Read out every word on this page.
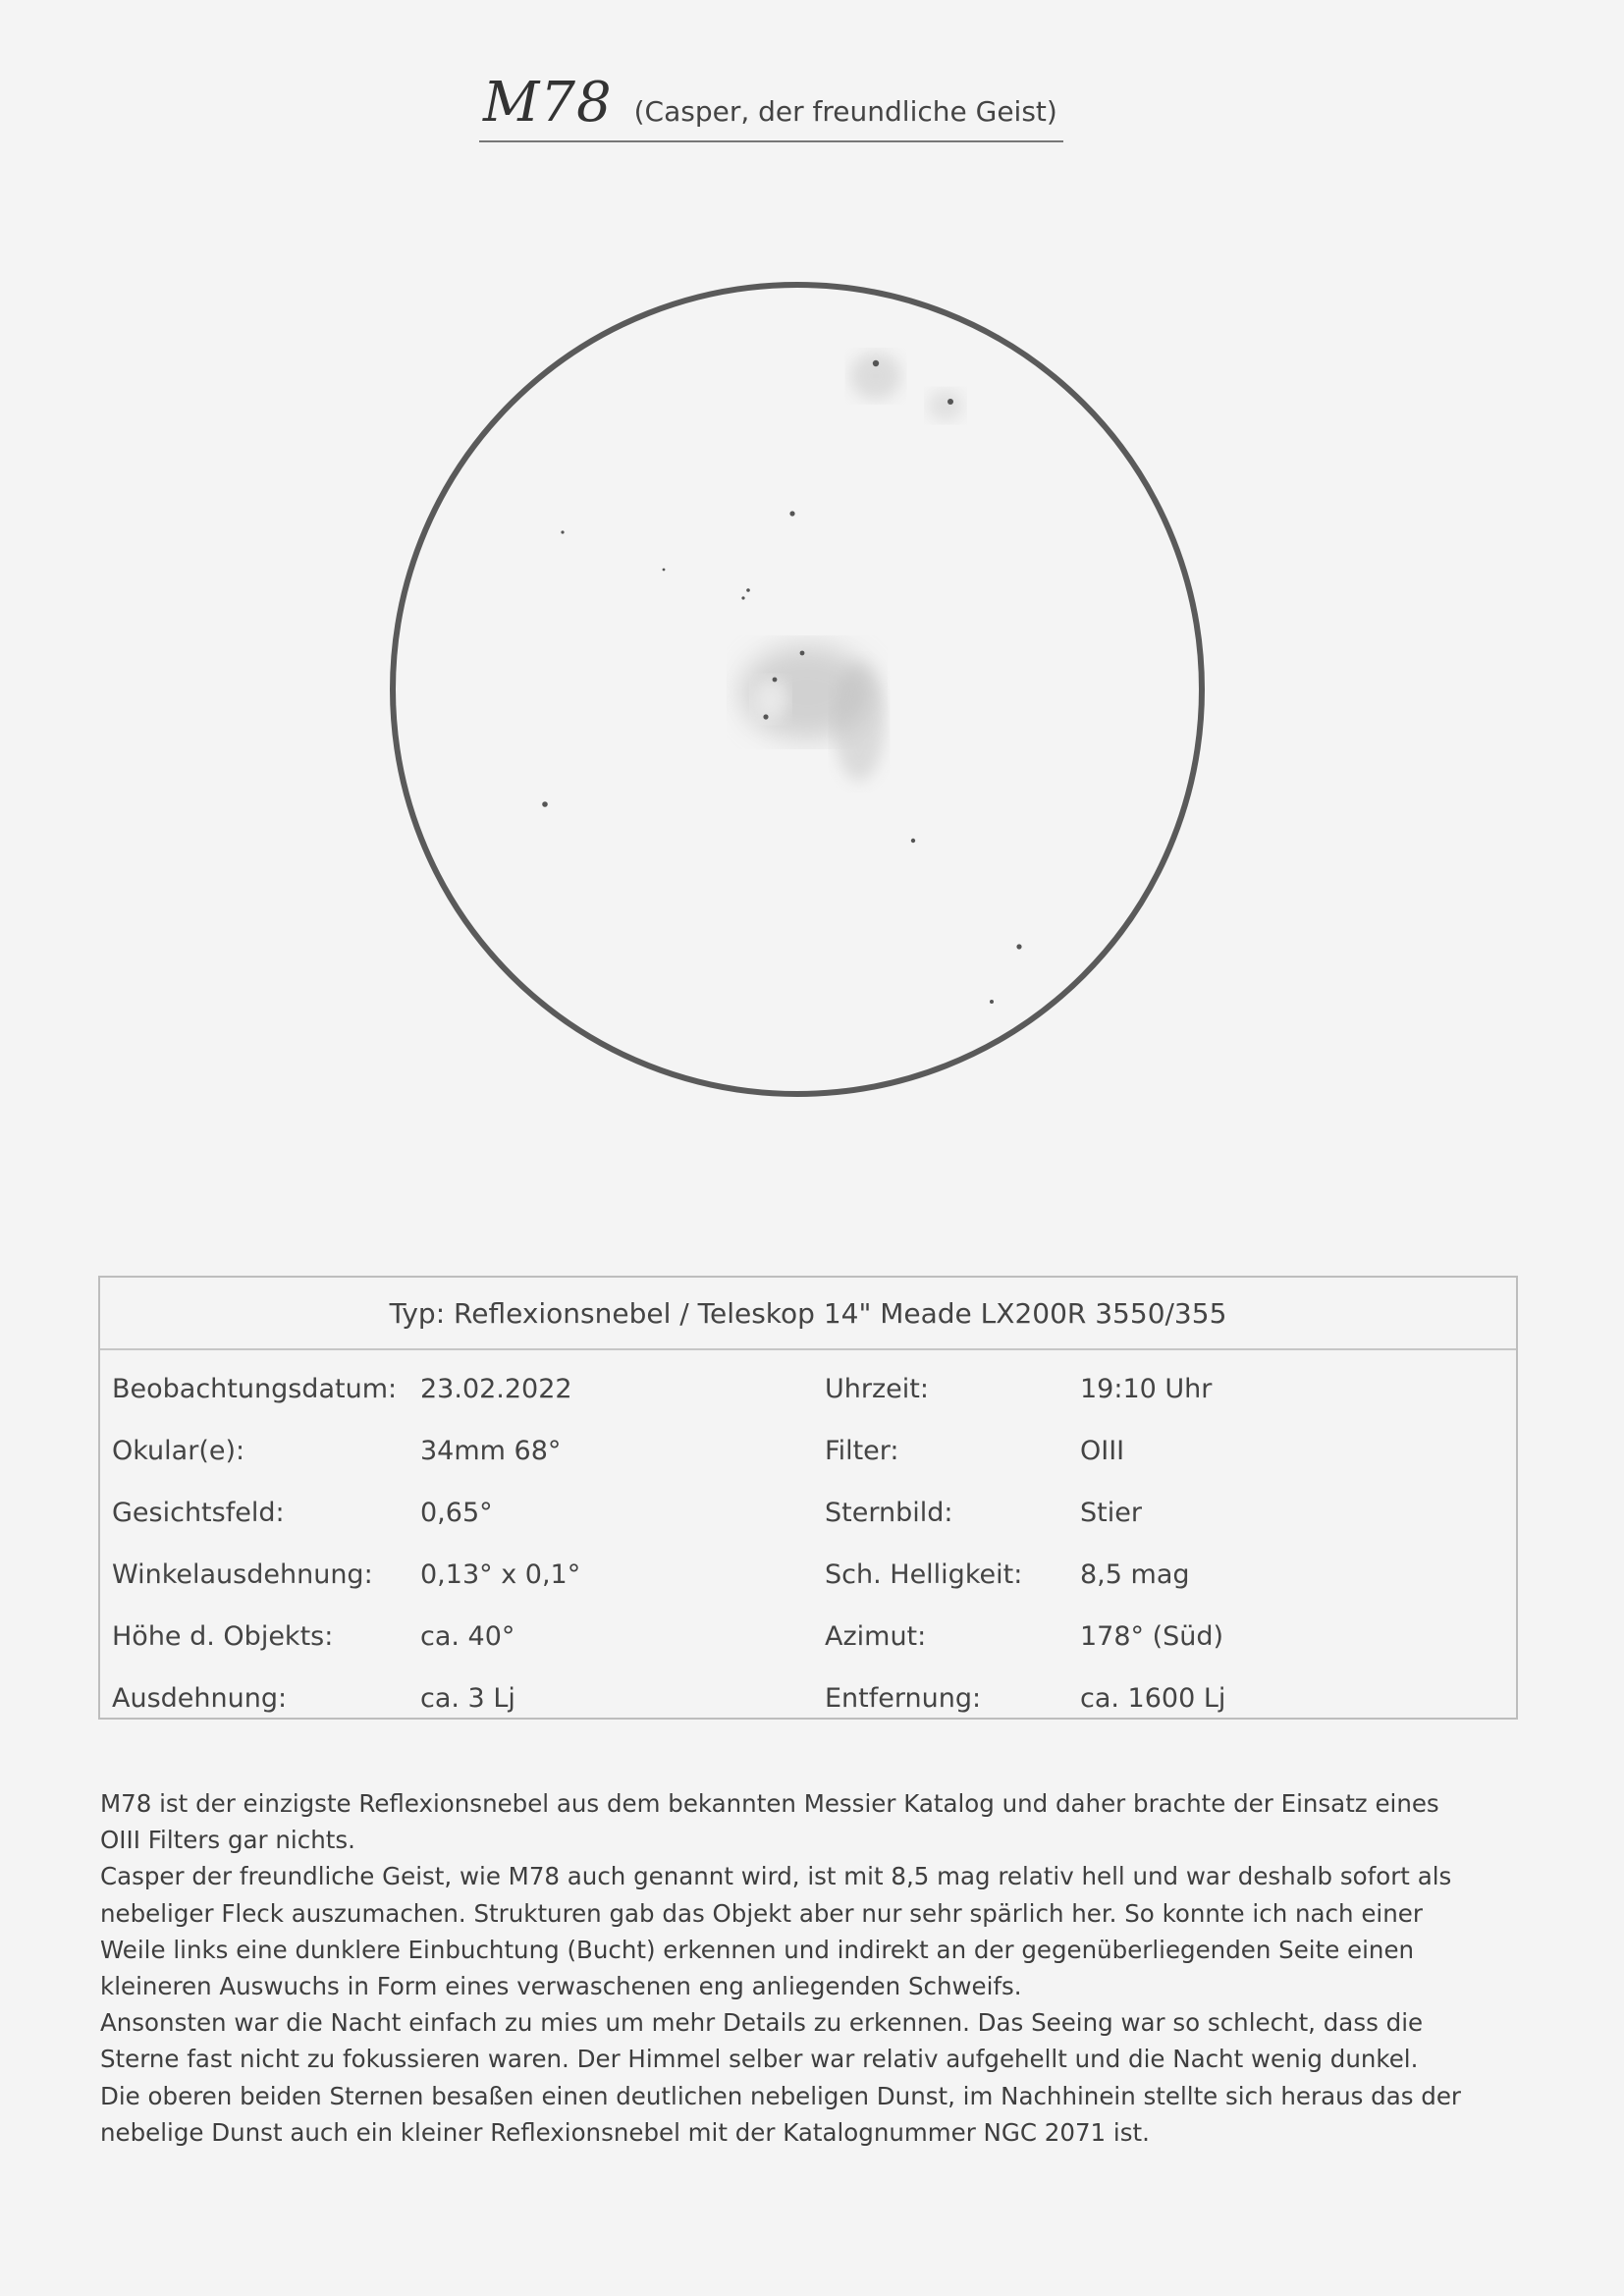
M78 (Casper, der freundliche Geist)
Typ: Reflexionsnebel / Teleskop 14" Meade LX200R 3550/355
Beobachtungsdatum: 23.02.2022	Uhrzeit:	19:10 Uhr
Okular(e):	34mm 68°	Filter:	OIII
Gesichtsfeld:	0,65°	Sternbild:	Stier
Winkelausdehnung: 0,13° x 0,1°	Sch. Helligkeit: 8,5 mag
Höhe d. Objekts:	ca. 40°	Azimut:	178° (Süd)
Ausdehnung:	ca. 3 Lj	Entfernung:	ca. 1600 Lj

M78 ist der einzigste Reflexionsnebel aus dem bekannten Messier Katalog und daher brachte der Einsatz eines

OIII Filters gar nichts.

Casper der freundliche Geist, wie M78 auch genannt wird, ist mit 8,5 mag relativ hell und war deshalb sofort als

nebeliger Fleck auszumachen. Strukturen gab das Objekt aber nur sehr spärlich her. So konnte ich nach einer

Weile links eine dunklere Einbuchtung (Bucht) erkennen und indirekt an der gegenüberliegenden Seite einen

kleineren Auswuchs in Form eines verwaschenen eng anliegenden Schweifs.

Ansonsten war die Nacht einfach zu mies um mehr Details zu erkennen. Das Seeing war so schlecht, dass die

Sterne fast nicht zu fokussieren waren. Der Himmel selber war relativ aufgehellt und die Nacht wenig dunkel.

Die oberen beiden Sternen besaßen einen deutlichen nebeligen Dunst, im Nachhinein stellte sich heraus das der

nebelige Dunst auch ein kleiner Reflexionsnebel mit der Katalognummer NGC 2071 ist.
